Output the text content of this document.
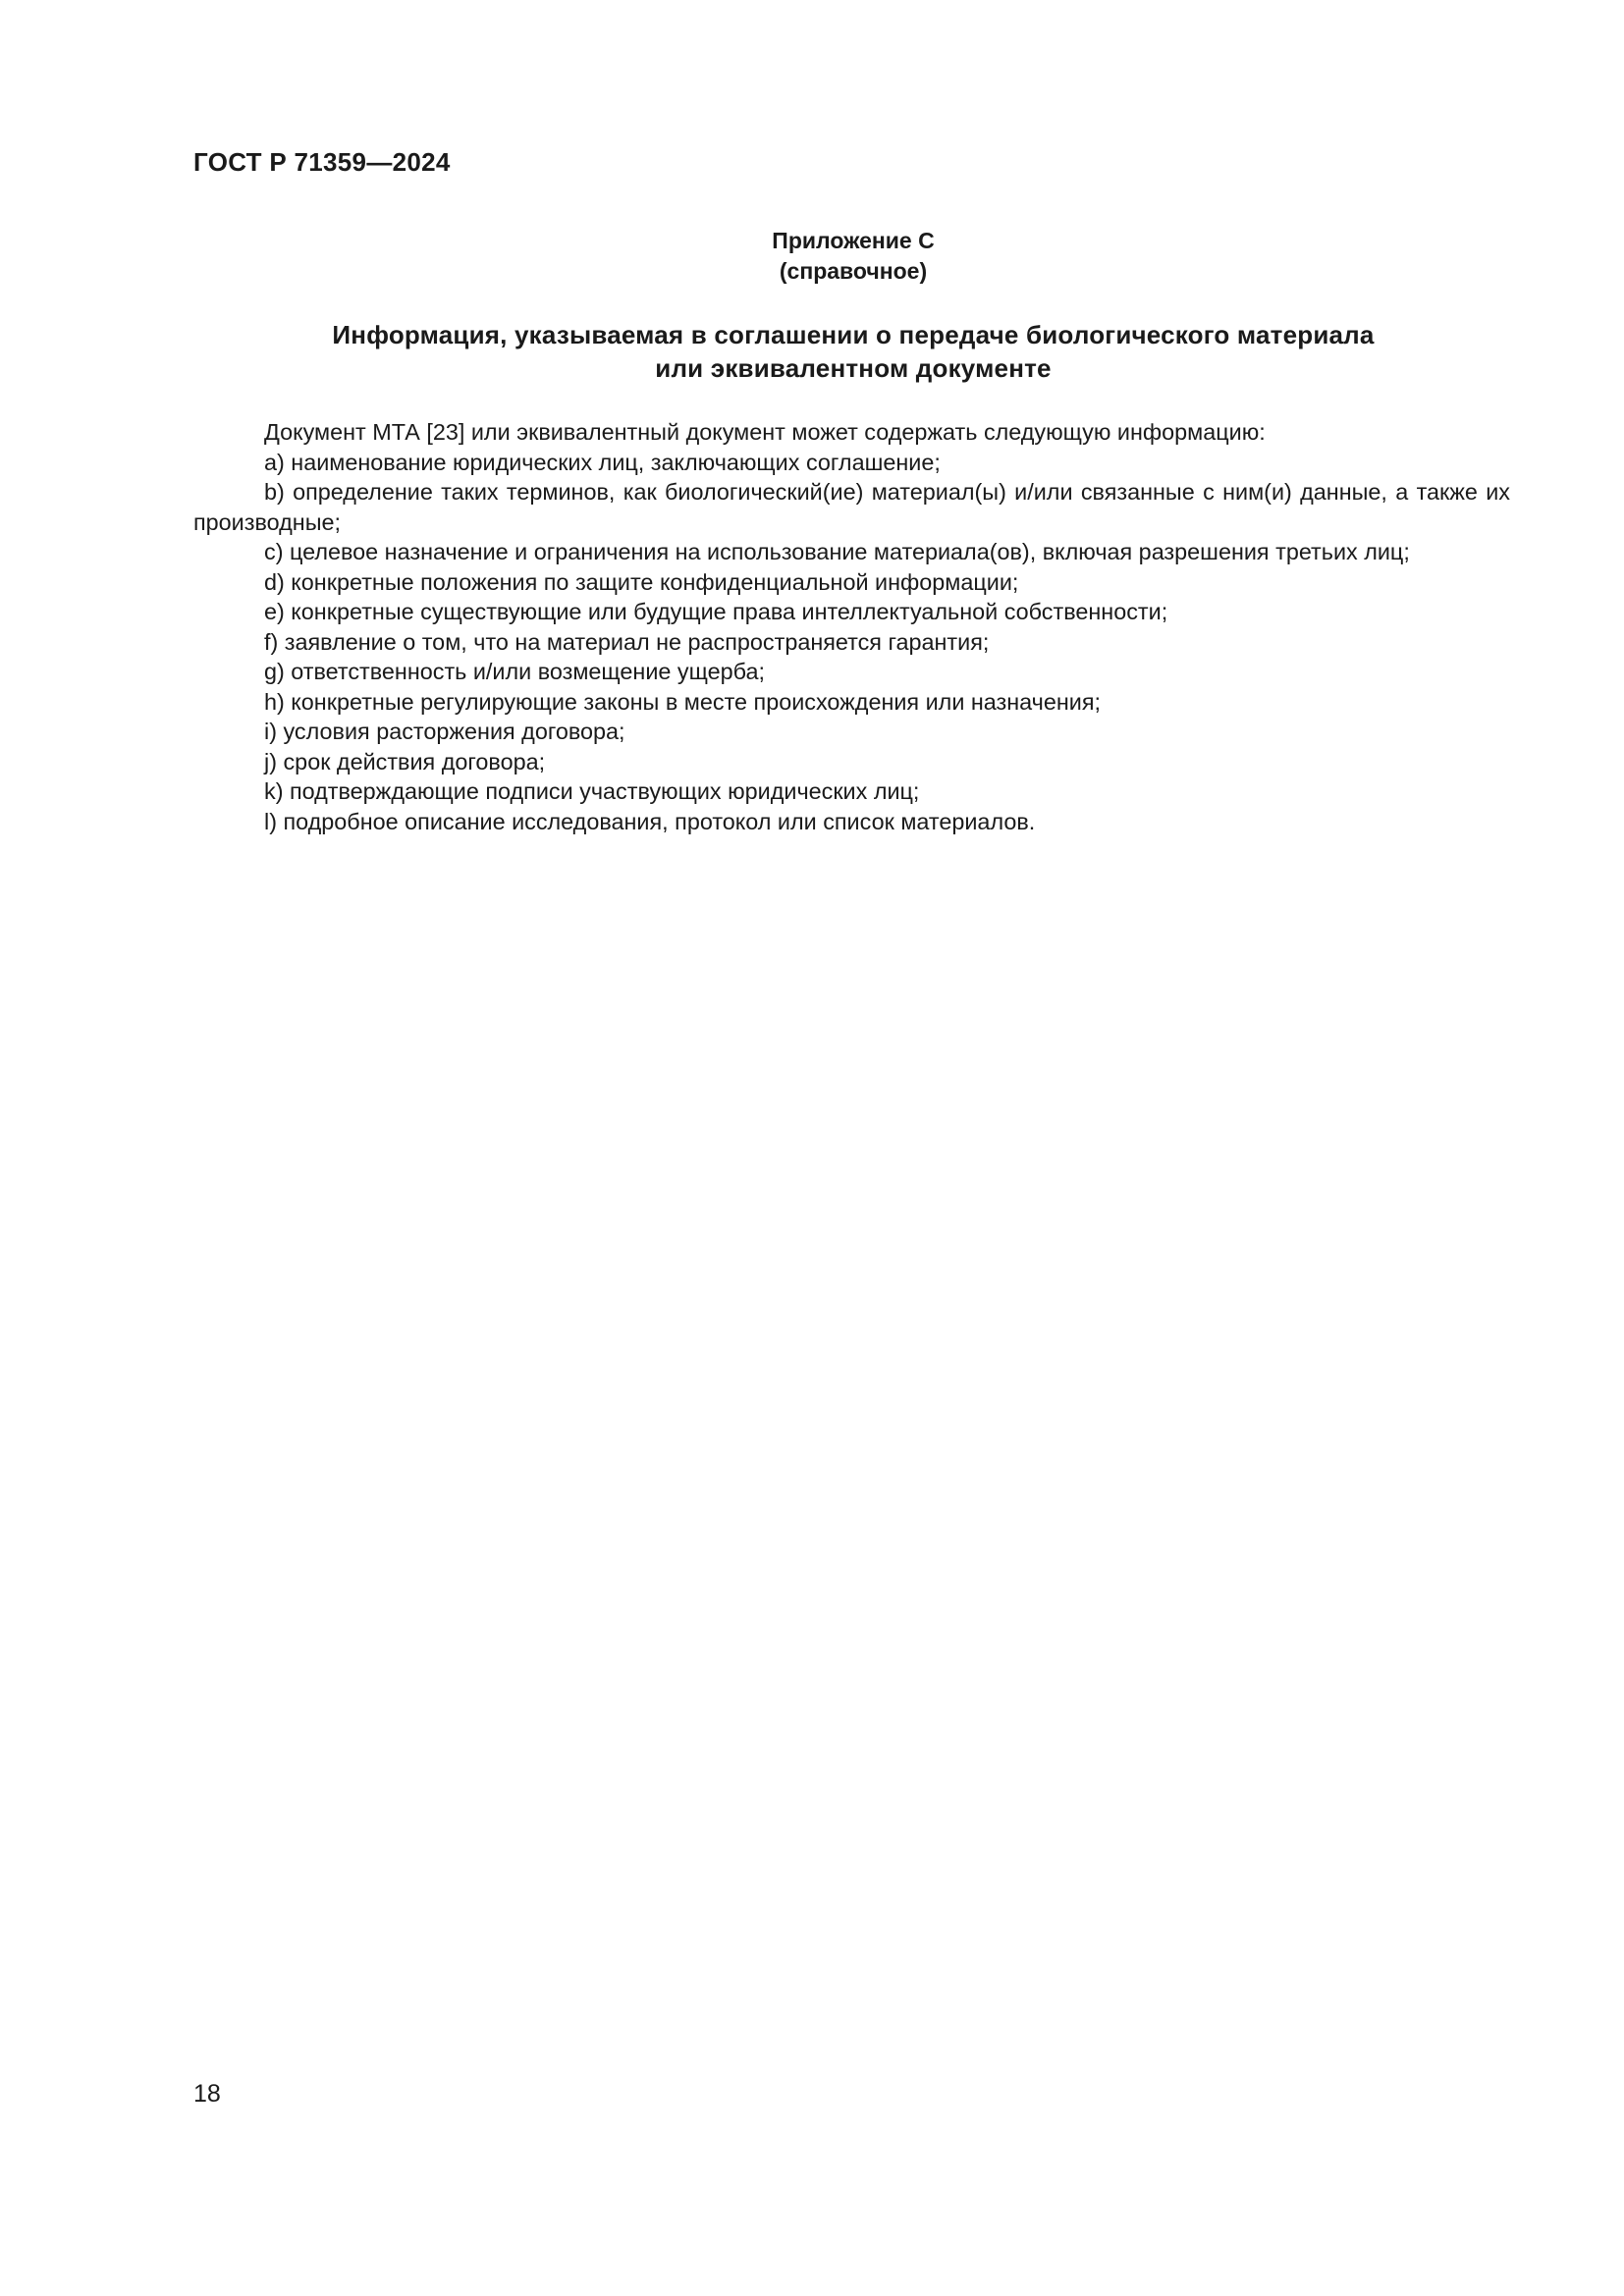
ГОСТ Р 71359—2024
Приложение С
(справочное)
Информация, указываемая в соглашении о передаче биологического материала
или эквивалентном документе

Документ МТА [23] или эквивалентный документ может содержать следующую информацию:

a) наименование юридических лиц, заключающих соглашение;

b) определение таких терминов, как биологический(ие) материал(ы) и/или связанные с ним(и) данные, а также их производные;

c) целевое назначение и ограничения на использование материала(ов), включая разрешения третьих лиц;

d) конкретные положения по защите конфиденциальной информации;

e) конкретные существующие или будущие права интеллектуальной собственности;

f) заявление о том, что на материал не распространяется гарантия;

g) ответственность и/или возмещение ущерба;

h) конкретные регулирующие законы в месте происхождения или назначения;

i) условия расторжения договора;

j) срок действия договора;

k) подтверждающие подписи участвующих юридических лиц;

l) подробное описание исследования, протокол или список материалов.

18
